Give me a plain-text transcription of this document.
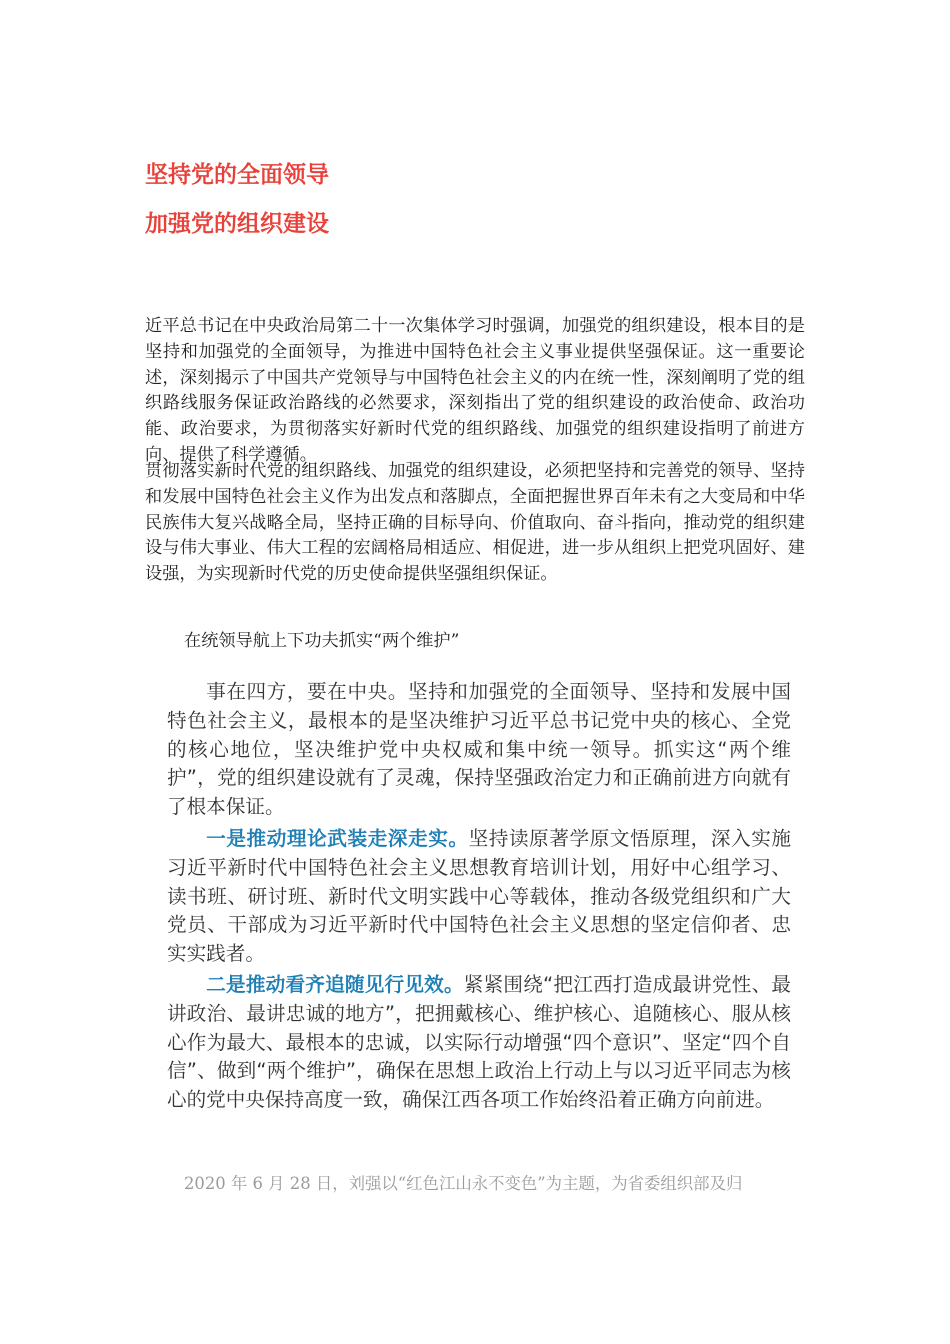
坚持党的全面领导
加强党的组织建设

近平总书记在中央政治局第二十一次集体学习时强调，加强党的组织建设，根本目的是坚持和加强党的全面领导，为推进中国特色社会主义事业提供坚强保证。这一重要论述，深刻揭示了中国共产党领导与中国特色社会主义的内在统一性，深刻阐明了党的组织路线服务保证政治路线的必然要求，深刻指出了党的组织建设的政治使命、政治功能、政治要求，为贯彻落实好新时代党的组织路线、加强党的组织建设指明了前进方向、提供了科学遵循。

贯彻落实新时代党的组织路线、加强党的组织建设，必须把坚持和完善党的领导、坚持和发展中国特色社会主义作为出发点和落脚点，全面把握世界百年未有之大变局和中华民族伟大复兴战略全局，坚持正确的目标导向、价值取向、奋斗指向，推动党的组织建设与伟大事业、伟大工程的宏阔格局相适应、相促进，进一步从组织上把党巩固好、建设强，为实现新时代党的历史使命提供坚强组织保证。

在统领导航上下功夫抓实“两个维护”

事在四方，要在中央。坚持和加强党的全面领导、坚持和发展中国特色社会主义，最根本的是坚决维护习近平总书记党中央的核心、全党的核心地位，坚决维护党中央权威和集中统一领导。抓实这“两个维护”，党的组织建设就有了灵魂，保持坚强政治定力和正确前进方向就有了根本保证。

一是推动理论武装走深走实。坚持读原著学原文悟原理，深入实施习近平新时代中国特色社会主义思想教育培训计划，用好中心组学习、读书班、研讨班、新时代文明实践中心等载体，推动各级党组织和广大党员、干部成为习近平新时代中国特色社会主义思想的坚定信仰者、忠实实践者。

二是推动看齐追随见行见效。紧紧围绕“把江西打造成最讲党性、最讲政治、最讲忠诚的地方”，把拥戴核心、维护核心、追随核心、服从核心作为最大、最根本的忠诚，以实际行动增强“四个意识”、坚定“四个自信”、做到“两个维护”，确保在思想上政治上行动上与以习近平同志为核心的党中央保持高度一致，确保江西各项工作始终沿着正确方向前进。

2020 年 6 月 28 日，刘强以“红色江山永不变色”为主题，为省委组织部及归
